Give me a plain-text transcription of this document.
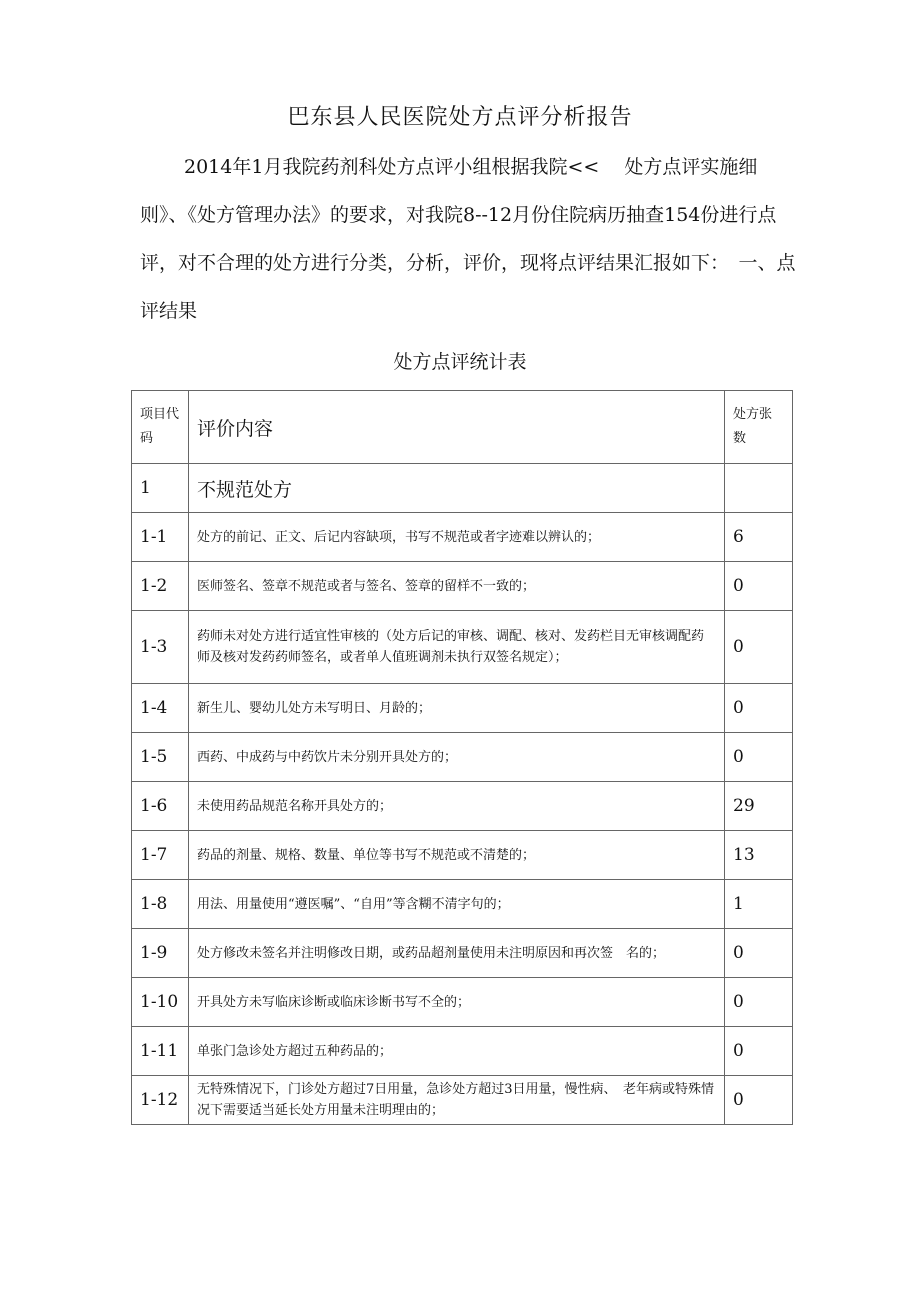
巴东县人民医院处方点评分析报告
2014年1月我院药剂科处方点评小组根据我院<<　 处方点评实施细则》、《处方管理办法》的要求，对我院8--12月份住院病历抽查154份进行点评，对不合理的处方进行分类，分析，评价，现将点评结果汇报如下：　一、点评结果
处方点评统计表
项目代码	评价内容	处方张数
1	不规范处方	
1-1	处方的前记、正文、后记内容缺项，书写不规范或者字迹难以辨认的；	6
1-2	医师签名、签章不规范或者与签名、签章的留样不一致的；	0
1-3	药师未对处方进行适宜性审核的（处方后记的审核、调配、核对、发药栏目无审核调配药师及核对发药药师签名，或者单人值班调剂未执行双签名规定）；	0
1-4	新生儿、婴幼儿处方未写明日、月龄的；	0
1-5	西药、中成药与中药饮片未分别开具处方的；	0
1-6	未使用药品规范名称开具处方的；	29
1-7	药品的剂量、规格、数量、单位等书写不规范或不清楚的；	13
1-8	用法、用量使用“遵医嘱”、“自用”等含糊不清字句的；	1
1-9	处方修改未签名并注明修改日期，或药品超剂量使用未注明原因和再次签　名的；	0
1-10	开具处方未写临床诊断或临床诊断书写不全的；	0
1-11	单张门急诊处方超过五种药品的；	0
1-12	无特殊情况下，门诊处方超过7日用量，急诊处方超过3日用量，慢性病、　老年病或特殊情况下需要适当延长处方用量未注明理由的；	0
